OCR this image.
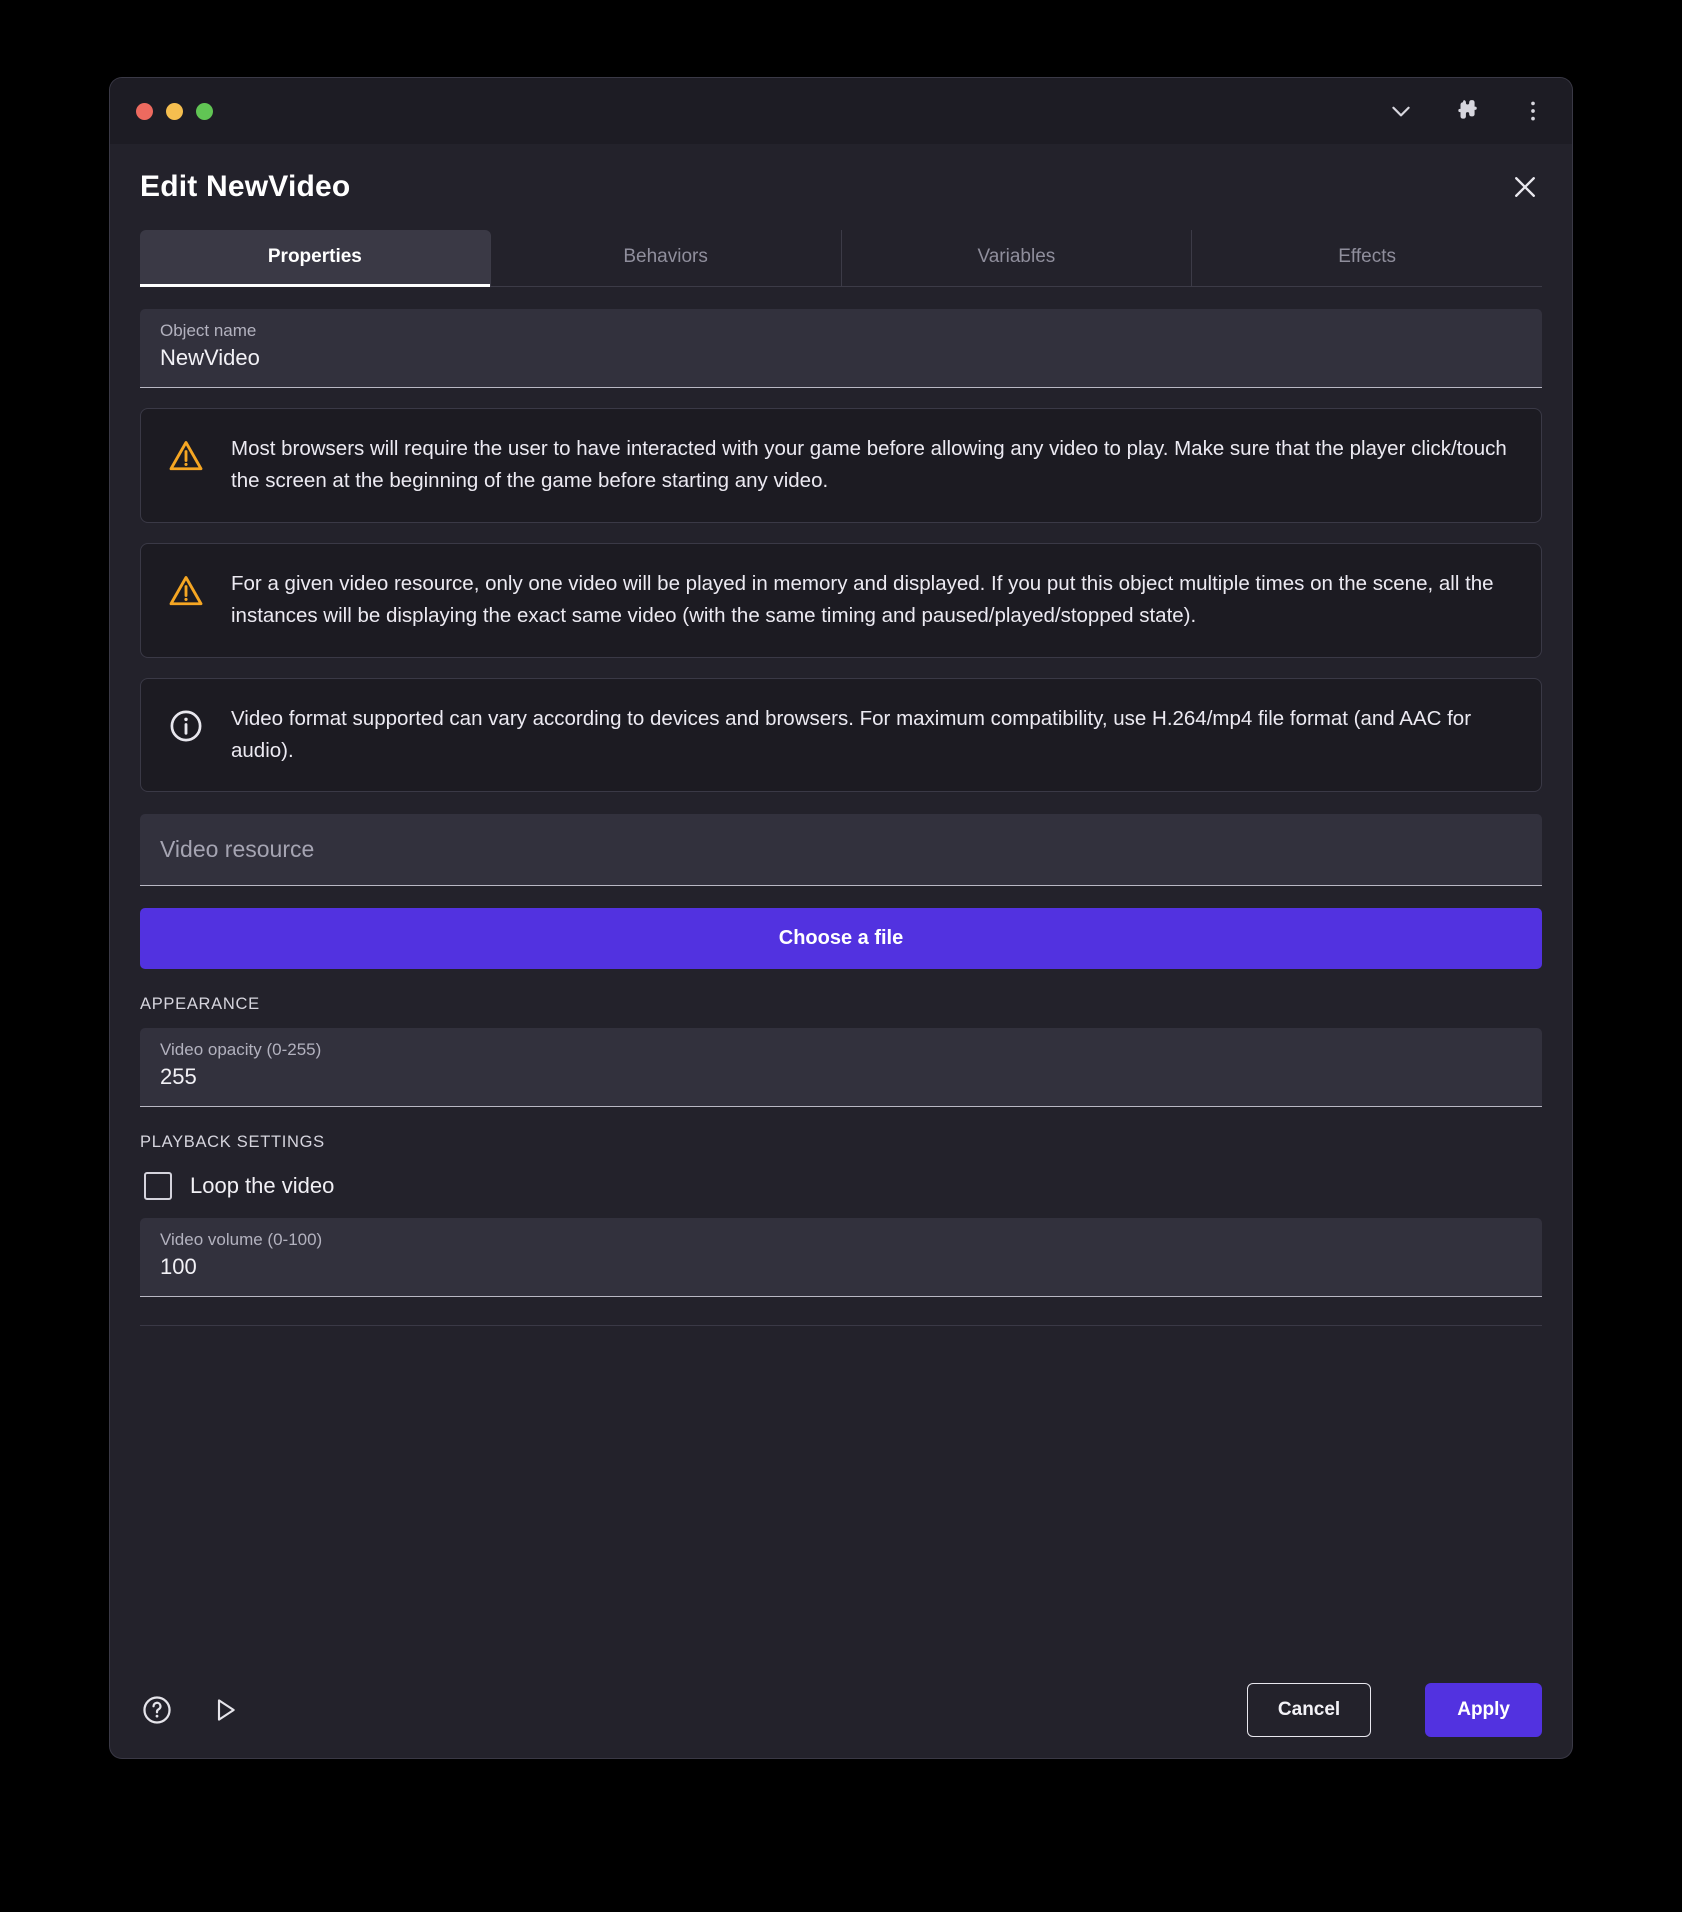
Edit NewVideo
Properties	Behaviors	Variables	Effects
Object name
NewVideo
Most browsers will require the user to have interacted with your game before allowing any video to play. Make sure that the player click/touch the screen at the beginning of the game before starting any video.
For a given video resource, only one video will be played in memory and displayed. If you put this object multiple times on the scene, all the instances will be displaying the exact same video (with the same timing and paused/played/stopped state).
Video format supported can vary according to devices and browsers. For maximum compatibility, use H.264/mp4 file format (and AAC for audio).
Video resource
Choose a file
APPEARANCE
Video opacity (0-255)
255
PLAYBACK SETTINGS
Loop the video
Video volume (0-100)
100
Cancel	Apply
